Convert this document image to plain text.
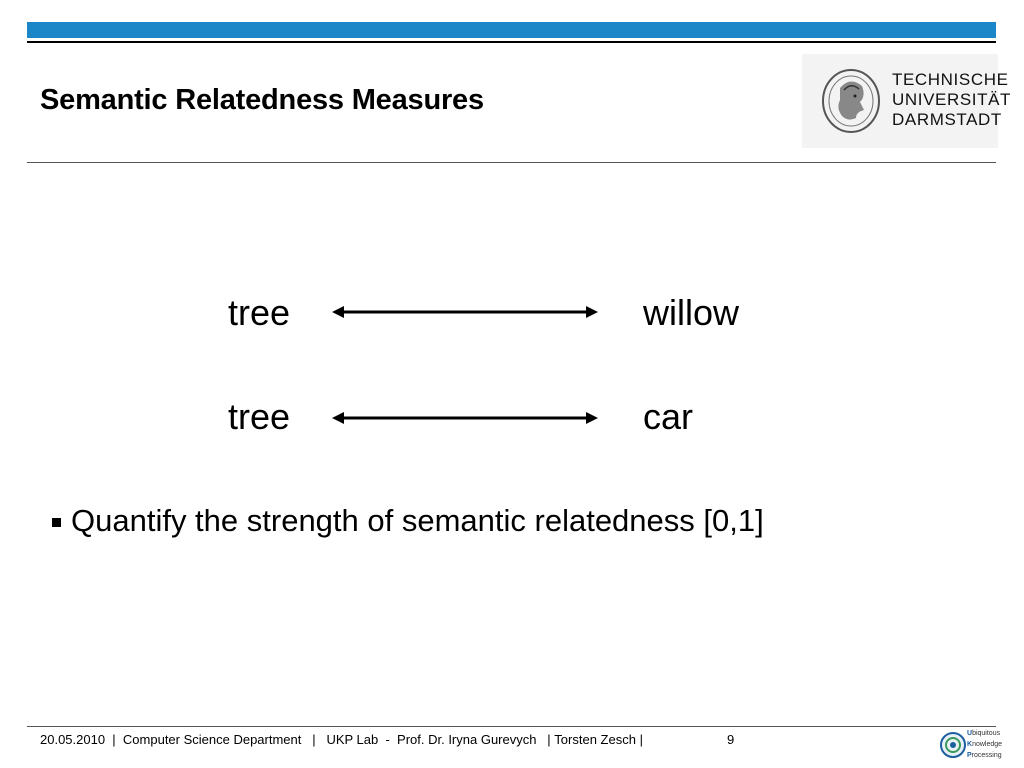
Semantic Relatedness Measures
TECHNISCHE
UNIVERSITÄT
DARMSTADT
tree	willow
tree	car
Quantify the strength of semantic relatedness [0,1]
20.05.2010 | Computer Science Department | UKP Lab - Prof. Dr. Iryna Gurevych | Torsten Zesch |	9	Ubiquitous
Knowledge
Processing
